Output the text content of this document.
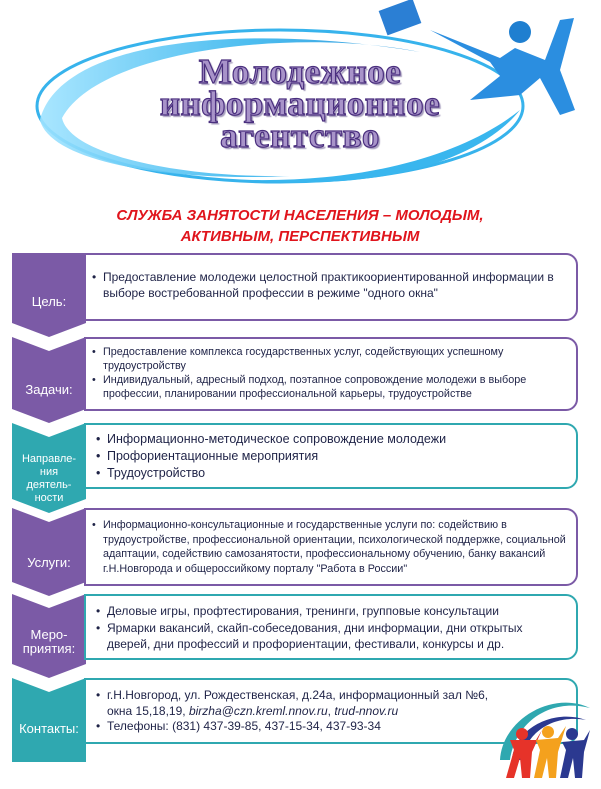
Молодежное
информационное
агентство
СЛУЖБА ЗАНЯТОСТИ НАСЕЛЕНИЯ – МОЛОДЫМ,
АКТИВНЫМ, ПЕРСПЕКТИВНЫМ
Цель:
• Предоставление молодежи целостной практикоориентированной информации в выборе востребованной профессии в режиме "одного окна"
Задачи:
• Предоставление комплекса государственных услуг, содействующих успешному трудоустройству
• Индивидуальный, адресный подход, поэтапное сопровождение молодежи в выборе профессии, планировании профессиональной карьеры, трудоустройстве
Направле-
ния
деятель-
ности
• Информационно-методическое сопровождение молодежи
• Профориентационные мероприятия
• Трудоустройство
Услуги:
• Информационно-консультационные и государственные услуги по: содействию в трудоустройстве, профессиональной ориентации, психологической поддержке, социальной адаптации, содействию самозанятости, профессиональному обучению, банку вакансий г.Н.Новгорода и общероссийкому порталу "Работа в России"
Меро-
приятия:
• Деловые игры, профтестирования, тренинги, групповые консультации
• Ярмарки вакансий, скайп-собеседования, дни информации, дни открытых дверей, дни профессий и профориентации, фестивали, конкурсы и др.
Контакты:
• г.Н.Новгород, ул. Рождественская, д.24а, информационный зал №6, окна 15,18,19, birzha@czn.kreml.nnov.ru, trud-nnov.ru
• Телефоны: (831) 437-39-85, 437-15-34, 437-93-34
